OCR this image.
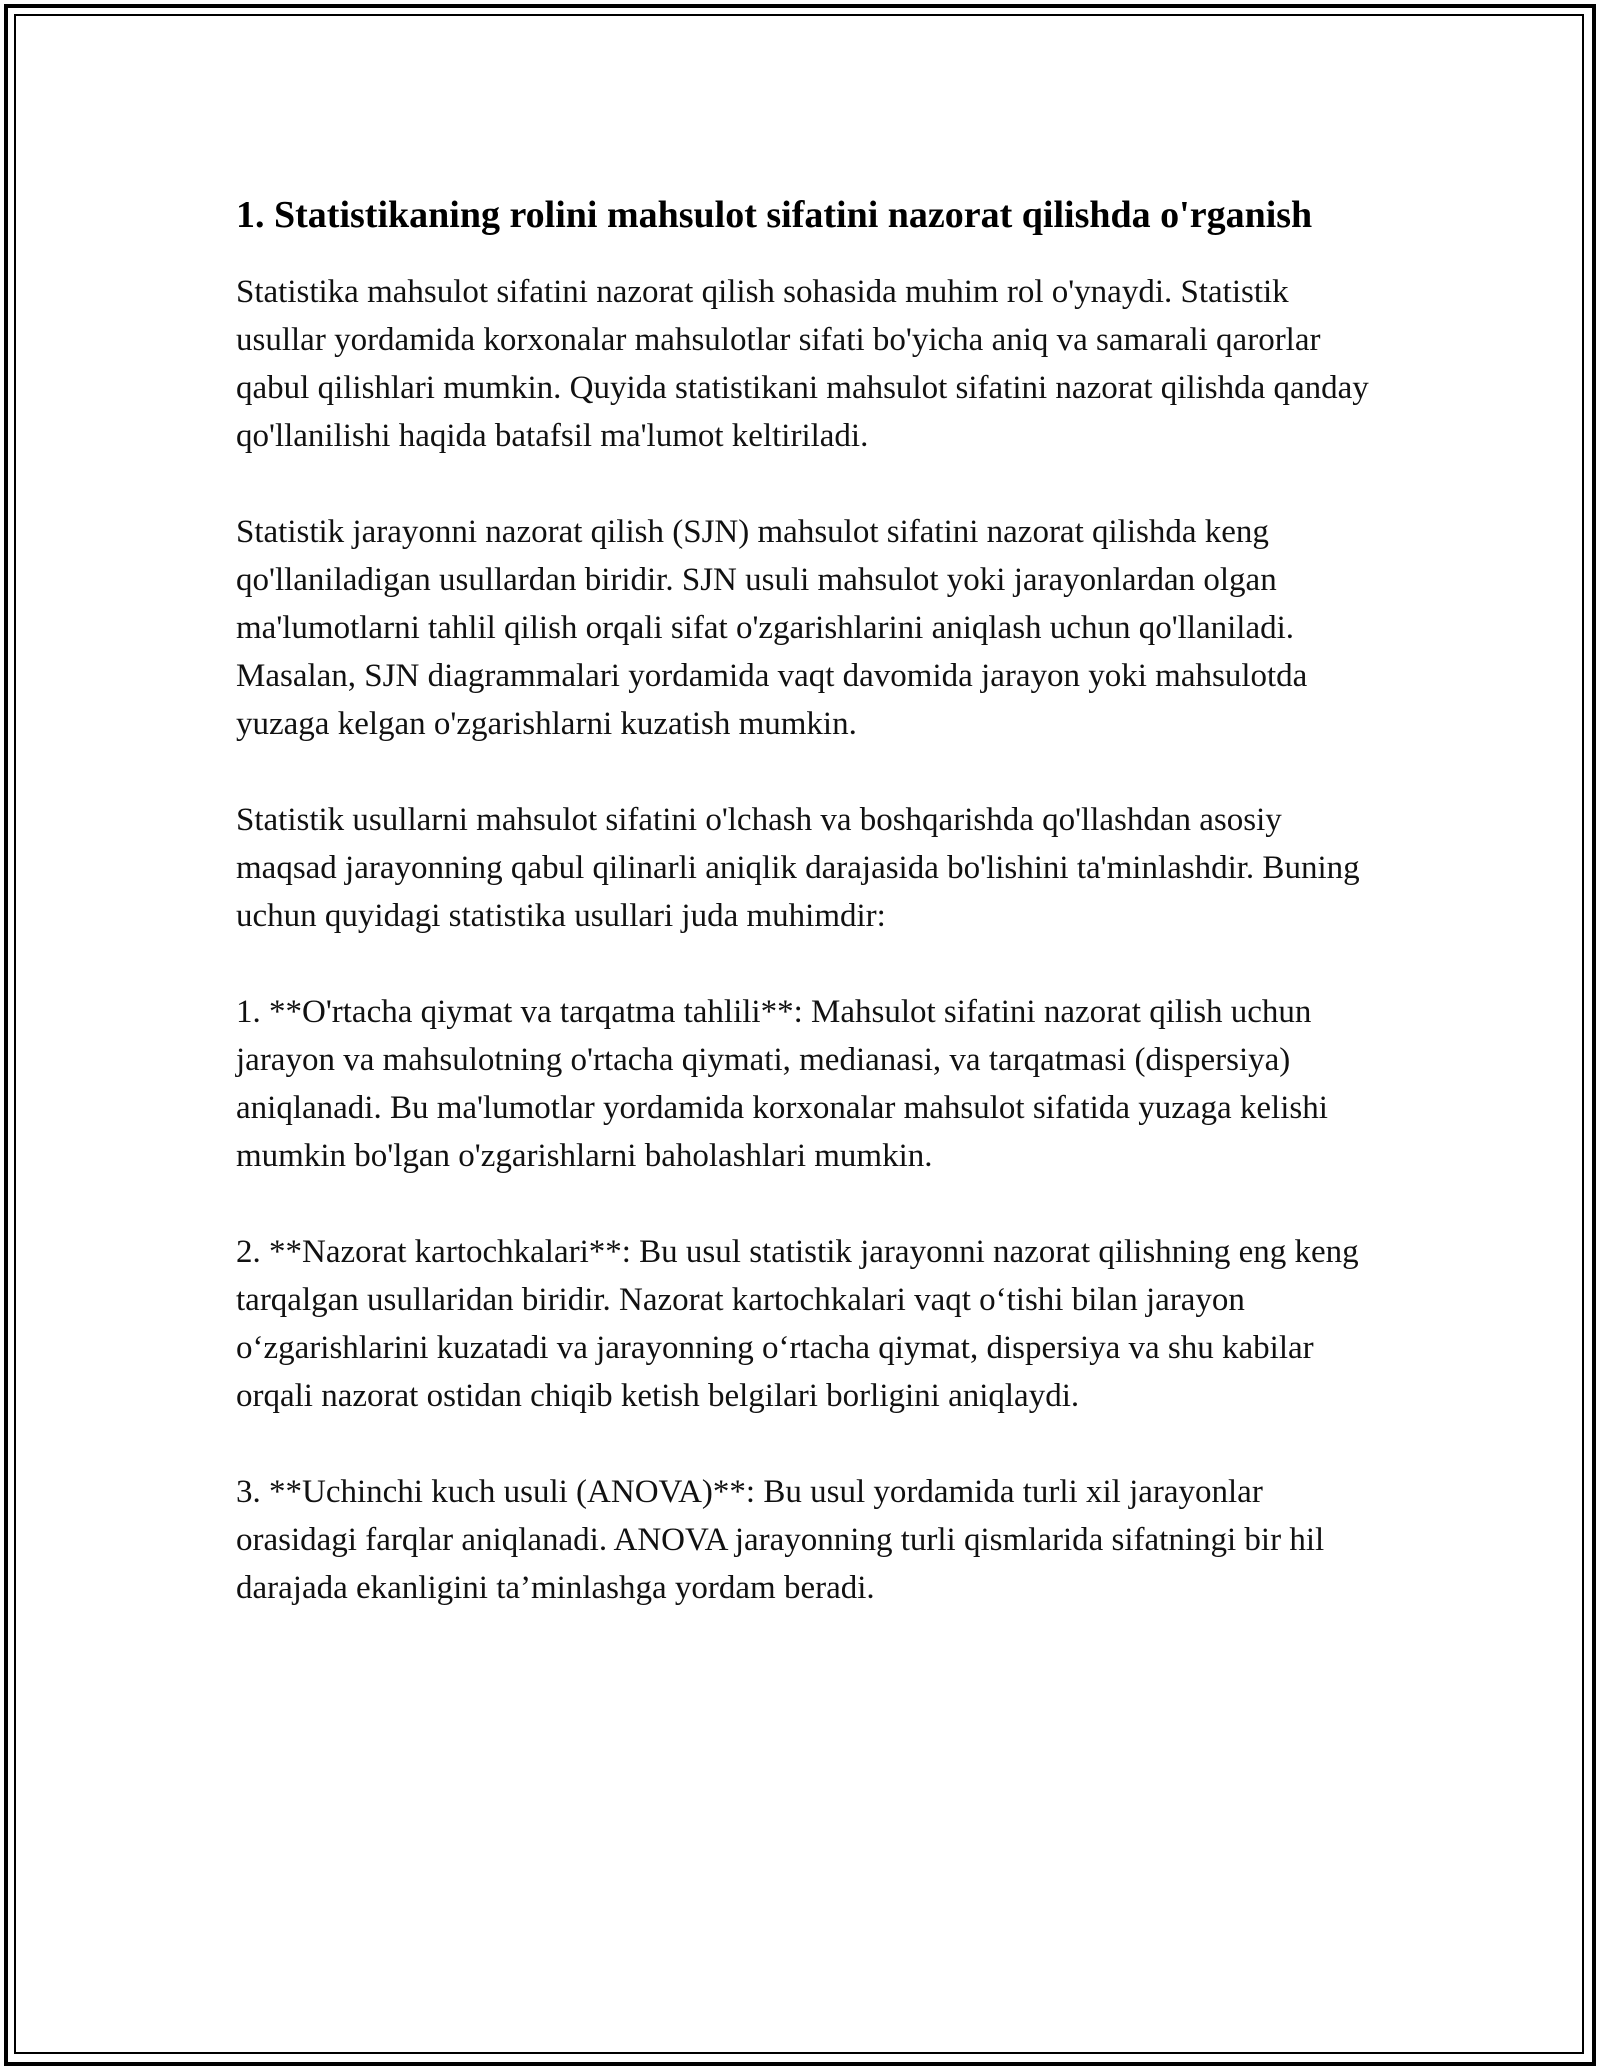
1. Statistikaning rolini mahsulot sifatini nazorat qilishda o'rganish

Statistika mahsulot sifatini nazorat qilish sohasida muhim rol o'ynaydi. Statistik usullar yordamida korxonalar mahsulotlar sifati bo'yicha aniq va samarali qarorlar qabul qilishlari mumkin. Quyida statistikani mahsulot sifatini nazorat qilishda qanday qo'llanilishi haqida batafsil ma'lumot keltiriladi.

Statistik jarayonni nazorat qilish (SJN) mahsulot sifatini nazorat qilishda keng qo'llaniladigan usullardan biridir. SJN usuli mahsulot yoki jarayonlardan olgan ma'lumotlarni tahlil qilish orqali sifat o'zgarishlarini aniqlash uchun qo'llaniladi. Masalan, SJN diagrammalari yordamida vaqt davomida jarayon yoki mahsulotda yuzaga kelgan o'zgarishlarni kuzatish mumkin.

Statistik usullarni mahsulot sifatini o'lchash va boshqarishda qo'llashdan asosiy maqsad jarayonning qabul qilinarli aniqlik darajasida bo'lishini ta'minlashdir. Buning uchun quyidagi statistika usullari juda muhimdir:

1. **O'rtacha qiymat va tarqatma tahlili**: Mahsulot sifatini nazorat qilish uchun jarayon va mahsulotning o'rtacha qiymati, medianasi, va tarqatmasi (dispersiya) aniqlanadi. Bu ma'lumotlar yordamida korxonalar mahsulot sifatida yuzaga kelishi mumkin bo'lgan o'zgarishlarni baholashlari mumkin.

2. **Nazorat kartochkalari**: Bu usul statistik jarayonni nazorat qilishning eng keng tarqalgan usullaridan biridir. Nazorat kartochkalari vaqt o‘tishi bilan jarayon o‘zgarishlarini kuzatadi va jarayonning o‘rtacha qiymat, dispersiya va shu kabilar orqali nazorat ostidan chiqib ketish belgilari borligini aniqlaydi.

3. **Uchinchi kuch usuli (ANOVA)**: Bu usul yordamida turli xil jarayonlar orasidagi farqlar aniqlanadi. ANOVA jarayonning turli qismlarida sifatningi bir hil darajada ekanligini ta’minlashga yordam beradi.
